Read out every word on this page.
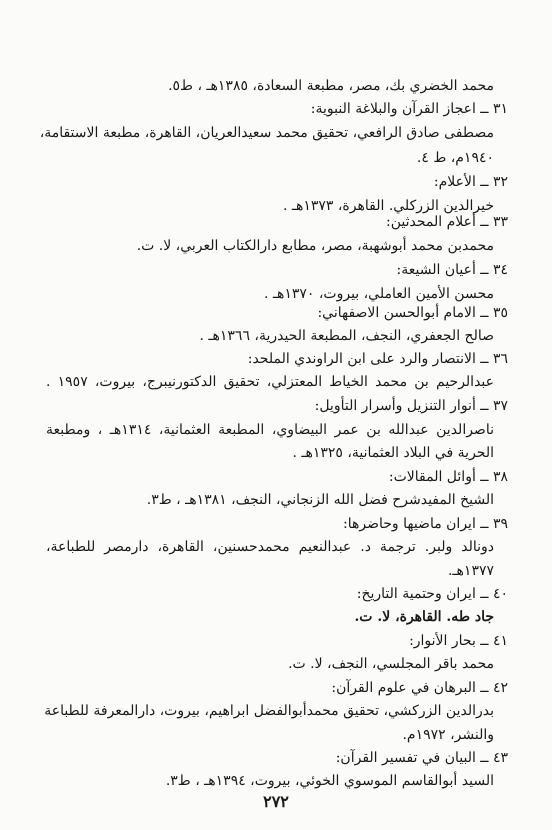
محمد الخضري بك، مصر، مطبعة السعادة، ١٣٨٥هـ ، ط٥.
٣١ ــ اعجاز القرآن والبلاغة النبوية:
مصطفى صادق الرافعي، تحقيق محمد سعيدالعريان، القاهرة، مطبعة الاستقامة،
١٩٤٠م، ط ٤.
٣٢ ــ الأعلام:
خيرالدين الزركلي. القاهرة، ١٣٧٣هـ .
٣٣ ــ أعلام المحدثين:
محمدبن محمد أبوشهبة، مصر، مطابع دارالكتاب العربي، لا. ت.
٣٤ ــ أعيان الشيعة:
محسن الأمين العاملي، بيروت، ١٣٧٠هـ .
٣٥ ــ الامام أبوالحسن الاصفهاني:
صالح الجعفري، النجف، المطبعة الحيدرية، ١٣٦٦هـ .
٣٦ ــ الانتصار والرد على ابن الراوندي الملحد:
عبدالرحيم بن محمد الخياط المعتزلي، تحقيق الدكتورنيبرج، بيروت، ١٩٥٧ .
٣٧ ــ أنوار التنزيل وأسرار التأويل:
ناصرالدين عبدالله بن عمر البيضاوي، المطبعة العثمانية، ١٣١٤هـ ، ومطبعة
الحرية في البلاد العثمانية، ١٣٢٥هـ .
٣٨ ــ أوائل المقالات:
الشيخ المفيدشرح فضل الله الزنجاني، النجف، ١٣٨١هـ ، ط٣.
٣٩ ــ ايران ماضيها وحاضرها:
دونالد ولبر. ترجمة د. عبدالنعيم محمدحسنين، القاهرة، دارمصر للطباعة،
١٣٧٧هـ.
٤٠ ــ ايران وحتمية التاريخ:
جاد طه. القاهرة، لا. ت.
٤١ ــ بحار الأنوار:
محمد باقر المجلسي، النجف، لا. ت.
٤٢ ــ البرهان في علوم القرآن:
بدرالدين الزركشي، تحقيق محمدأبوالفضل ابراهيم، بيروت، دارالمعرفة للطباعة
والنشر، ١٩٧٢م.
٤٣ ــ البيان في تفسير القرآن:
السيد أبوالقاسم الموسوي الخوئي، بيروت، ١٣٩٤هـ ، ط٣.
٢٧٢
